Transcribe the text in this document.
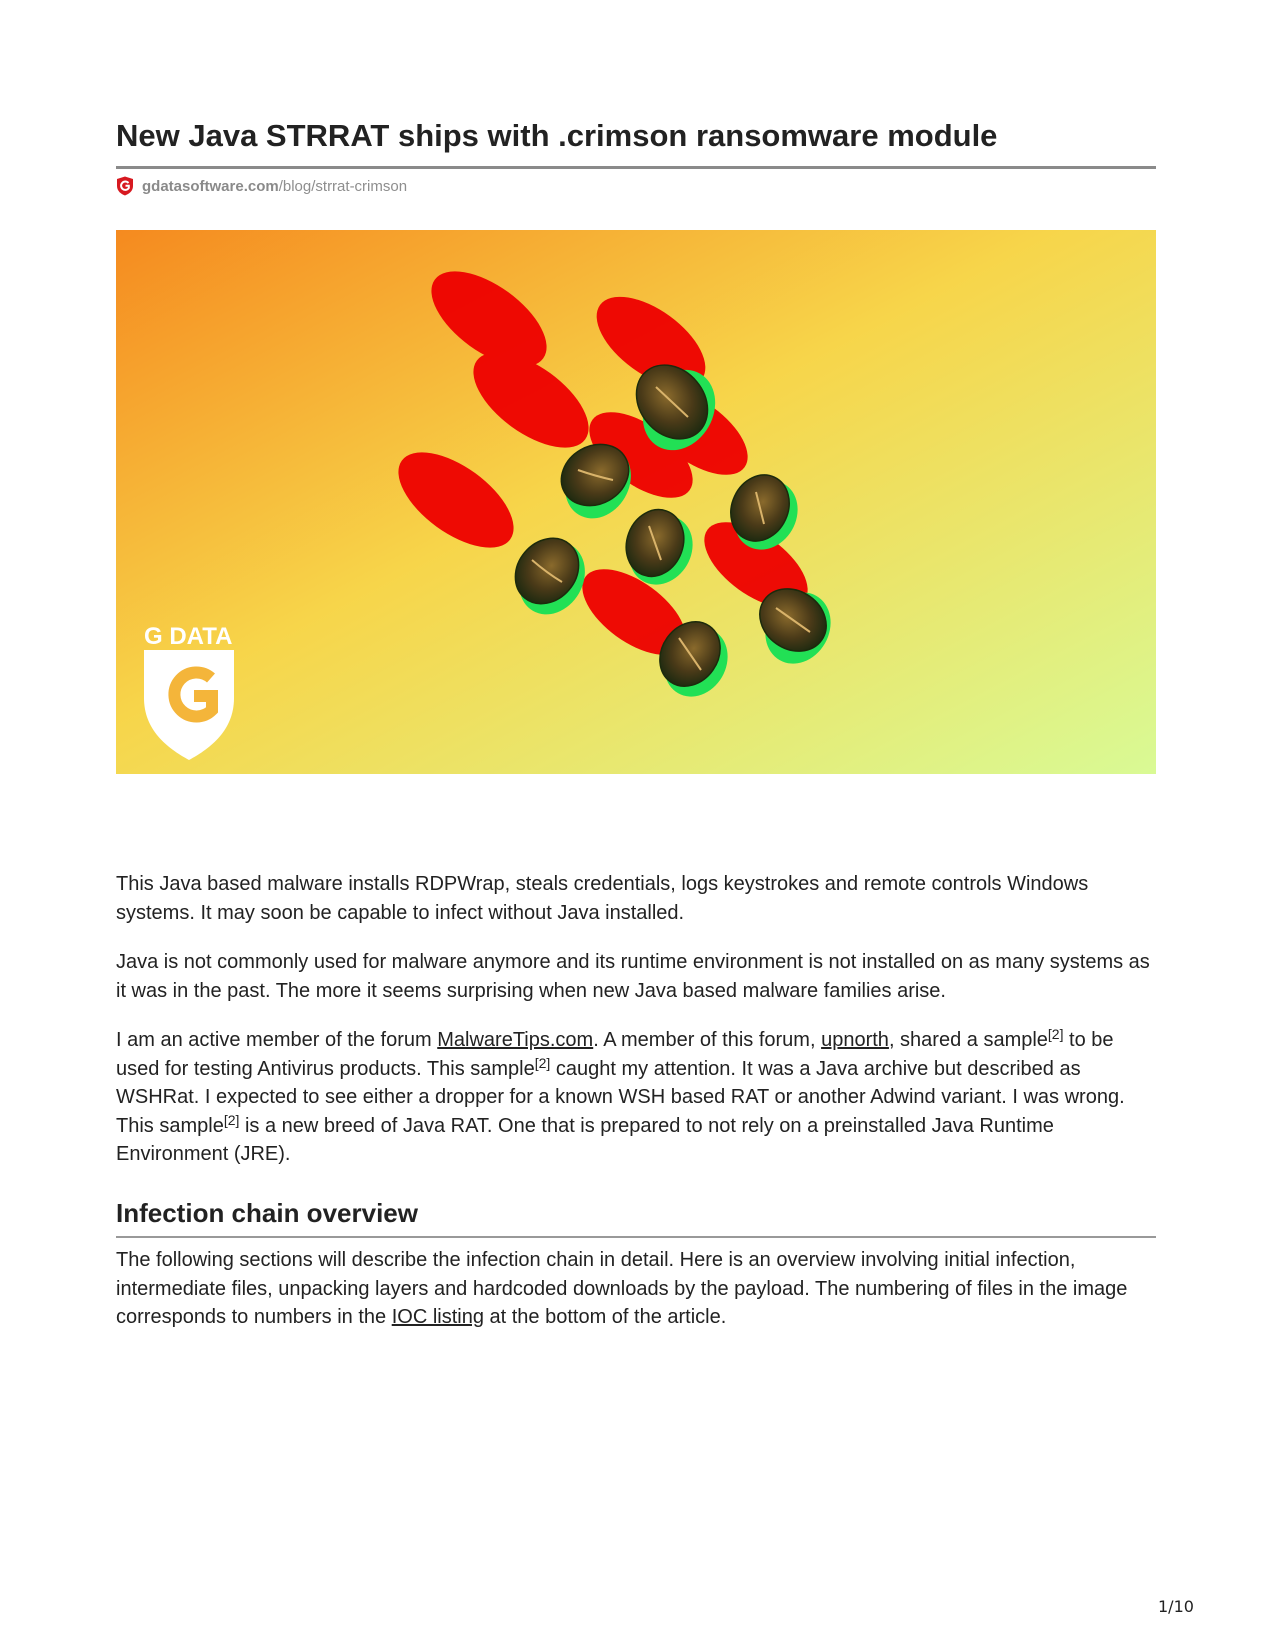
New Java STRRAT ships with .crimson ransomware module
gdatasoftware.com /blog/strrat-crimson
G DATA

This Java based malware installs RDPWrap, steals credentials, logs keystrokes and remote controls Windows systems. It may soon be capable to infect without Java installed.

Java is not commonly used for malware anymore and its runtime environment is not installed on as many systems as it was in the past. The more it seems surprising when new Java based malware families arise.

I am an active member of the forum MalwareTips.com. A member of this forum, upnorth, shared a sample[2] to be used for testing Antivirus products. This sample[2] caught my attention. It was a Java archive but described as WSHRat. I expected to see either a dropper for a known WSH based RAT or another Adwind variant. I was wrong. This sample[2] is a new breed of Java RAT. One that is prepared to not rely on a preinstalled Java Runtime Environment (JRE).

Infection chain overview

The following sections will describe the infection chain in detail. Here is an overview involving initial infection, intermediate files, unpacking layers and hardcoded downloads by the payload. The numbering of files in the image corresponds to numbers in the IOC listing at the bottom of the article.

1/10
